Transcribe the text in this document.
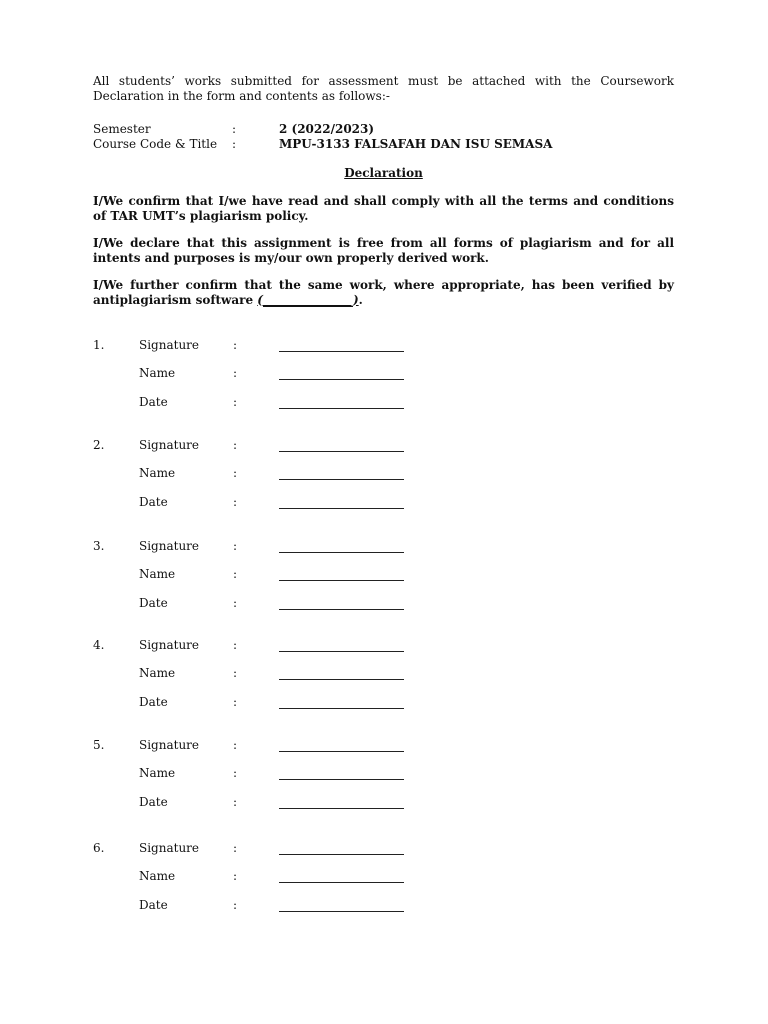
All students’ works submitted for assessment must be attached with the Coursework Declaration in the form and contents as follows:-

Semester	:	2 (2022/2023)
Course Code & Title	:	MPU-3133 FALSAFAH DAN ISU SEMASA
Declaration

I/We confirm that I/we have read and shall comply with all the terms and conditions of TAR UMT’s plagiarism policy.

I/We declare that this assignment is free from all forms of plagiarism and for all intents and purposes is my/our own properly derived work.

I/We further confirm that the same work, where appropriate, has been verified by antiplagiarism software (_______________).

1.	Signature	:
Name	:
Date	:
2.	Signature	:
Name	:
Date	:
3.	Signature	:
Name	:
Date	:
4.	Signature	:
Name	:
Date	:
5.	Signature	:
Name	:
Date	:
6.	Signature	:
Name	:
Date	:
